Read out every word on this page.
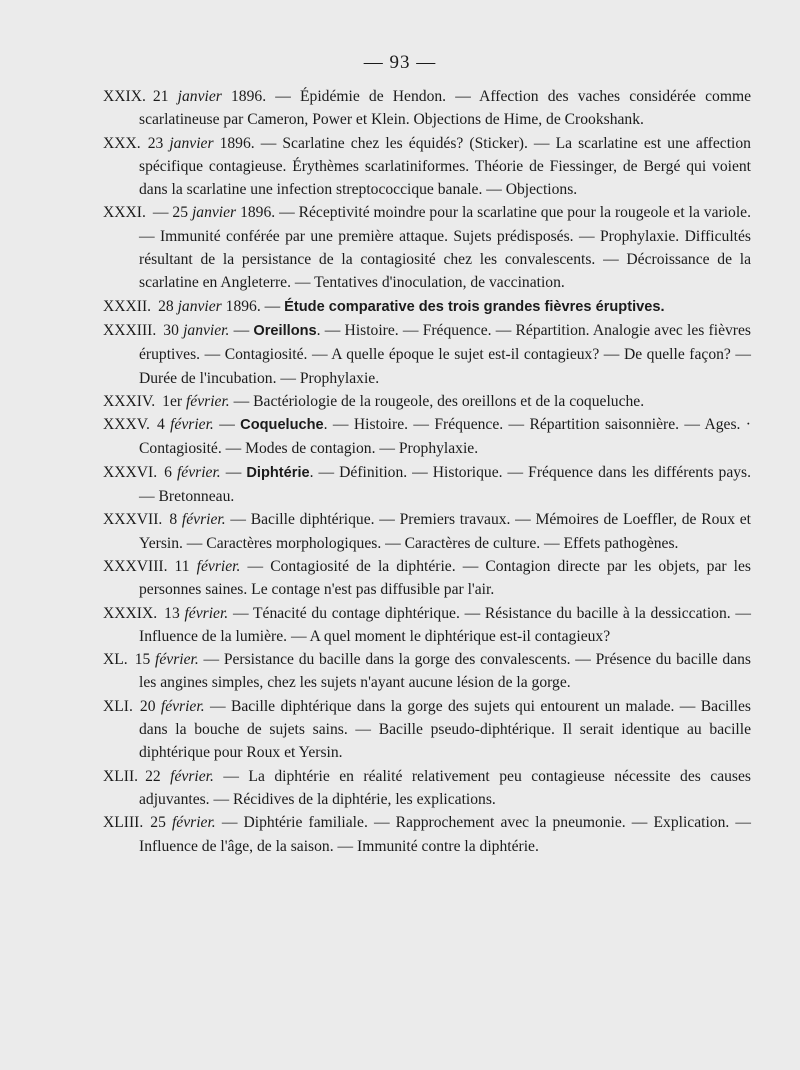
— 93 —
XXIX. 21 janvier 1896. — Épidémie de Hendon. — Affection des vaches considérée comme scarlatineuse par Cameron, Power et Klein. Objections de Hime, de Crookshank.
XXX. 23 janvier 1896. — Scarlatine chez les équidés? (Sticker). — La scarlatine est une affection spécifique contagieuse. Érythèmes scarlatiniformes. Théorie de Fiessinger, de Bergé qui voient dans la scarlatine une infection streptococcique banale. — Objections.
XXXI. — 25 janvier 1896. — Réceptivité moindre pour la scarlatine que pour la rougeole et la variole. — Immunité conférée par une première attaque. Sujets prédisposés. — Prophylaxie. Difficultés résultant de la persistance de la contagiosité chez les convalescents. — Décroissance de la scarlatine en Angleterre. — Tentatives d'inoculation, de vaccination.
XXXII. 28 janvier 1896. — Étude comparative des trois grandes fièvres éruptives.
XXXIII. 30 janvier. — Oreillons. — Histoire. — Fréquence. — Répartition. Analogie avec les fièvres éruptives. — Contagiosité. — A quelle époque le sujet est-il contagieux? — De quelle façon? — Durée de l'incubation. — Prophylaxie.
XXXIV. 1er février. — Bactériologie de la rougeole, des oreillons et de la coqueluche.
XXXV. 4 février. — Coqueluche. — Histoire. — Fréquence. — Répartition saisonnière. — Ages. · Contagiosité. — Modes de contagion. — Prophylaxie.
XXXVI. 6 février. — Diphtérie. — Définition. — Historique. — Fréquence dans les différents pays. — Bretonneau.
XXXVII. 8 février. — Bacille diphtérique. — Premiers travaux. — Mémoires de Loeffler, de Roux et Yersin. — Caractères morphologiques. — Caractères de culture. — Effets pathogènes.
XXXVIII. 11 février. — Contagiosité de la diphtérie. — Contagion directe par les objets, par les personnes saines. Le contage n'est pas diffusible par l'air.
XXXIX. 13 février. — Ténacité du contage diphtérique. — Résistance du bacille à la dessiccation. — Influence de la lumière. — A quel moment le diphtérique est-il contagieux?
XL. 15 février. — Persistance du bacille dans la gorge des convalescents. — Présence du bacille dans les angines simples, chez les sujets n'ayant aucune lésion de la gorge.
XLI. 20 février. — Bacille diphtérique dans la gorge des sujets qui entourent un malade. — Bacilles dans la bouche de sujets sains. — Bacille pseudo-diphtérique. Il serait identique au bacille diphtérique pour Roux et Yersin.
XLII. 22 février. — La diphtérie en réalité relativement peu contagieuse nécessite des causes adjuvantes. — Récidives de la diphtérie, les explications.
XLIII. 25 février. — Diphtérie familiale. — Rapprochement avec la pneumonie. — Explication. — Influence de l'âge, de la saison. — Immunité contre la diphtérie.
